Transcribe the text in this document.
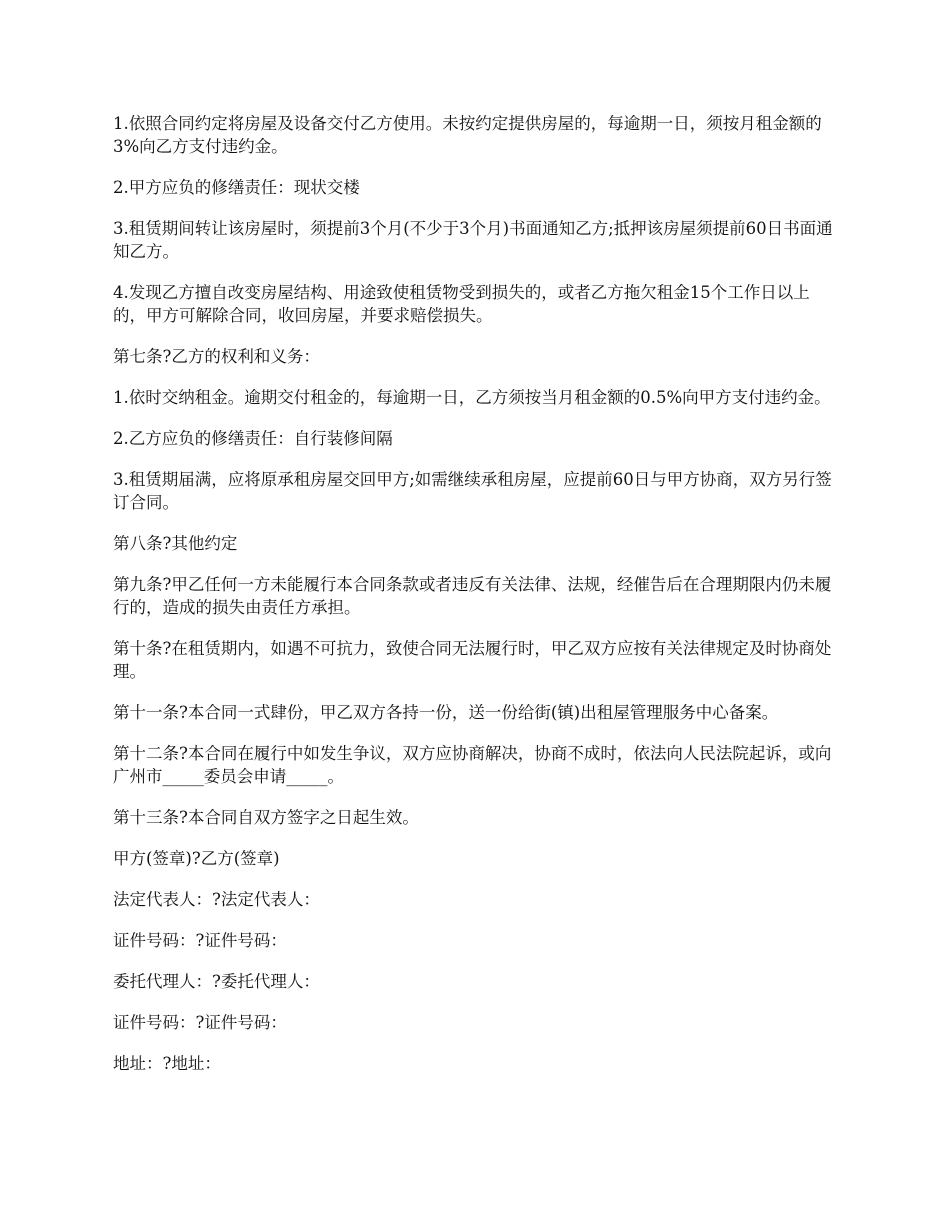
1.依照合同约定将房屋及设备交付乙方使用。未按约定提供房屋的，每逾期一日，须按月租金额的3%向乙方支付违约金。

2.甲方应负的修缮责任：现状交楼

3.租赁期间转让该房屋时，须提前3个月(不少于3个月)书面通知乙方;抵押该房屋须提前60日书面通知乙方。

4.发现乙方擅自改变房屋结构、用途致使租赁物受到损失的，或者乙方拖欠租金15个工作日以上的，甲方可解除合同，收回房屋，并要求赔偿损失。

第七条?乙方的权利和义务：

1.依时交纳租金。逾期交付租金的，每逾期一日，乙方须按当月租金额的0.5%向甲方支付违约金。

2.乙方应负的修缮责任：自行装修间隔

3.租赁期届满，应将原承租房屋交回甲方;如需继续承租房屋，应提前60日与甲方协商，双方另行签订合同。

第八条?其他约定

第九条?甲乙任何一方未能履行本合同条款或者违反有关法律、法规，经催告后在合理期限内仍未履行的，造成的损失由责任方承担。

第十条?在租赁期内，如遇不可抗力，致使合同无法履行时，甲乙双方应按有关法律规定及时协商处理。

第十一条?本合同一式肆份，甲乙双方各持一份，送一份给街(镇)出租屋管理服务中心备案。

第十二条?本合同在履行中如发生争议，双方应协商解决，协商不成时，依法向人民法院起诉，或向广州市_____委员会申请_____。

第十三条?本合同自双方签字之日起生效。

甲方(签章)?乙方(签章)

法定代表人：?法定代表人：

证件号码：?证件号码：

委托代理人：?委托代理人：

证件号码：?证件号码：

地址：?地址：
